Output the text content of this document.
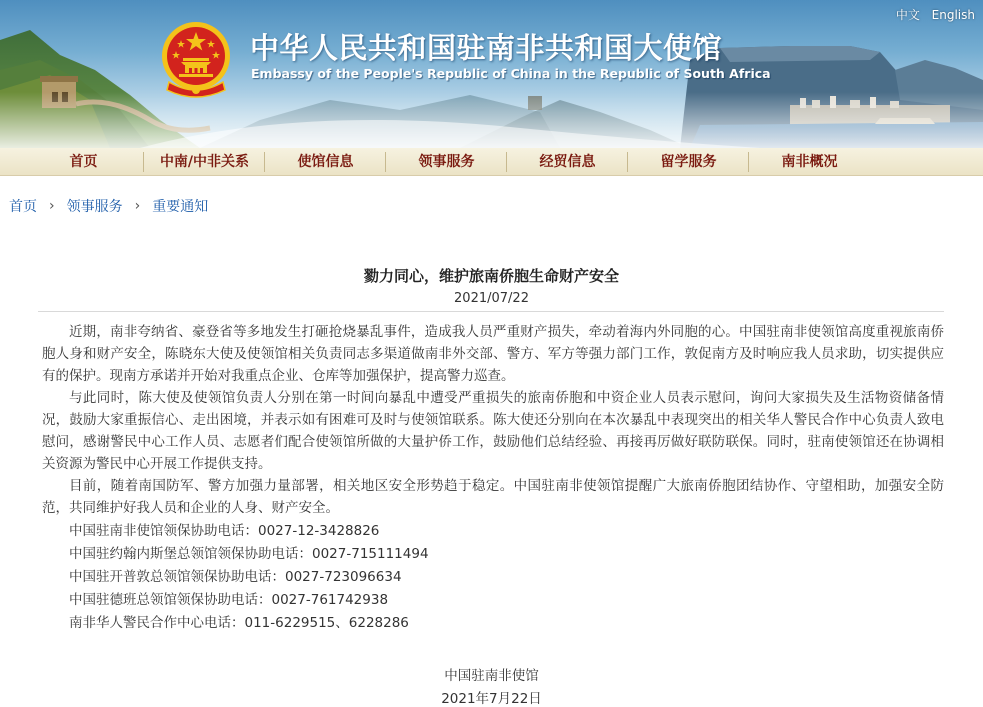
中华人民共和国驻南非共和国大使馆
Embassy of the People's Republic of China in the Republic of South Africa
中文 English
首页	中南/中非关系	使馆信息	领事服务	经贸信息	留学服务	南非概况
首页 › 领事服务 › 重要通知
勠力同心，维护旅南侨胞生命财产安全
2021/07/22

近期，南非夸纳省、豪登省等多地发生打砸抢烧暴乱事件，造成我人员严重财产损失，牵动着海内外同胞的心。中国驻南非使领馆高度重视旅南侨胞人身和财产安全，陈晓东大使及使领馆相关负责同志多渠道做南非外交部、警方、军方等强力部门工作，敦促南方及时响应我人员求助，切实提供应有的保护。现南方承诺并开始对我重点企业、仓库等加强保护，提高警力巡查。

与此同时，陈大使及使领馆负责人分别在第一时间向暴乱中遭受严重损失的旅南侨胞和中资企业人员表示慰问，询问大家损失及生活物资储备情况，鼓励大家重振信心、走出困境，并表示如有困难可及时与使领馆联系。陈大使还分别向在本次暴乱中表现突出的相关华人警民合作中心负责人致电慰问，感谢警民中心工作人员、志愿者们配合使领馆所做的大量护侨工作，鼓励他们总结经验、再接再厉做好联防联保。同时，驻南使领馆还在协调相关资源为警民中心开展工作提供支持。

目前，随着南国防军、警方加强力量部署，相关地区安全形势趋于稳定。中国驻南非使领馆提醒广大旅南侨胞团结协作、守望相助，加强安全防范，共同维护好我人员和企业的人身、财产安全。

中国驻南非使馆领保协助电话：0027-12-3428826

中国驻约翰内斯堡总领馆领保协助电话：0027-715111494

中国驻开普敦总领馆领保协助电话：0027-723096634

中国驻德班总领馆领保协助电话：0027-761742938

南非华人警民合作中心电话：011-6229515、6228286

中国驻南非使馆
2021年7月22日
